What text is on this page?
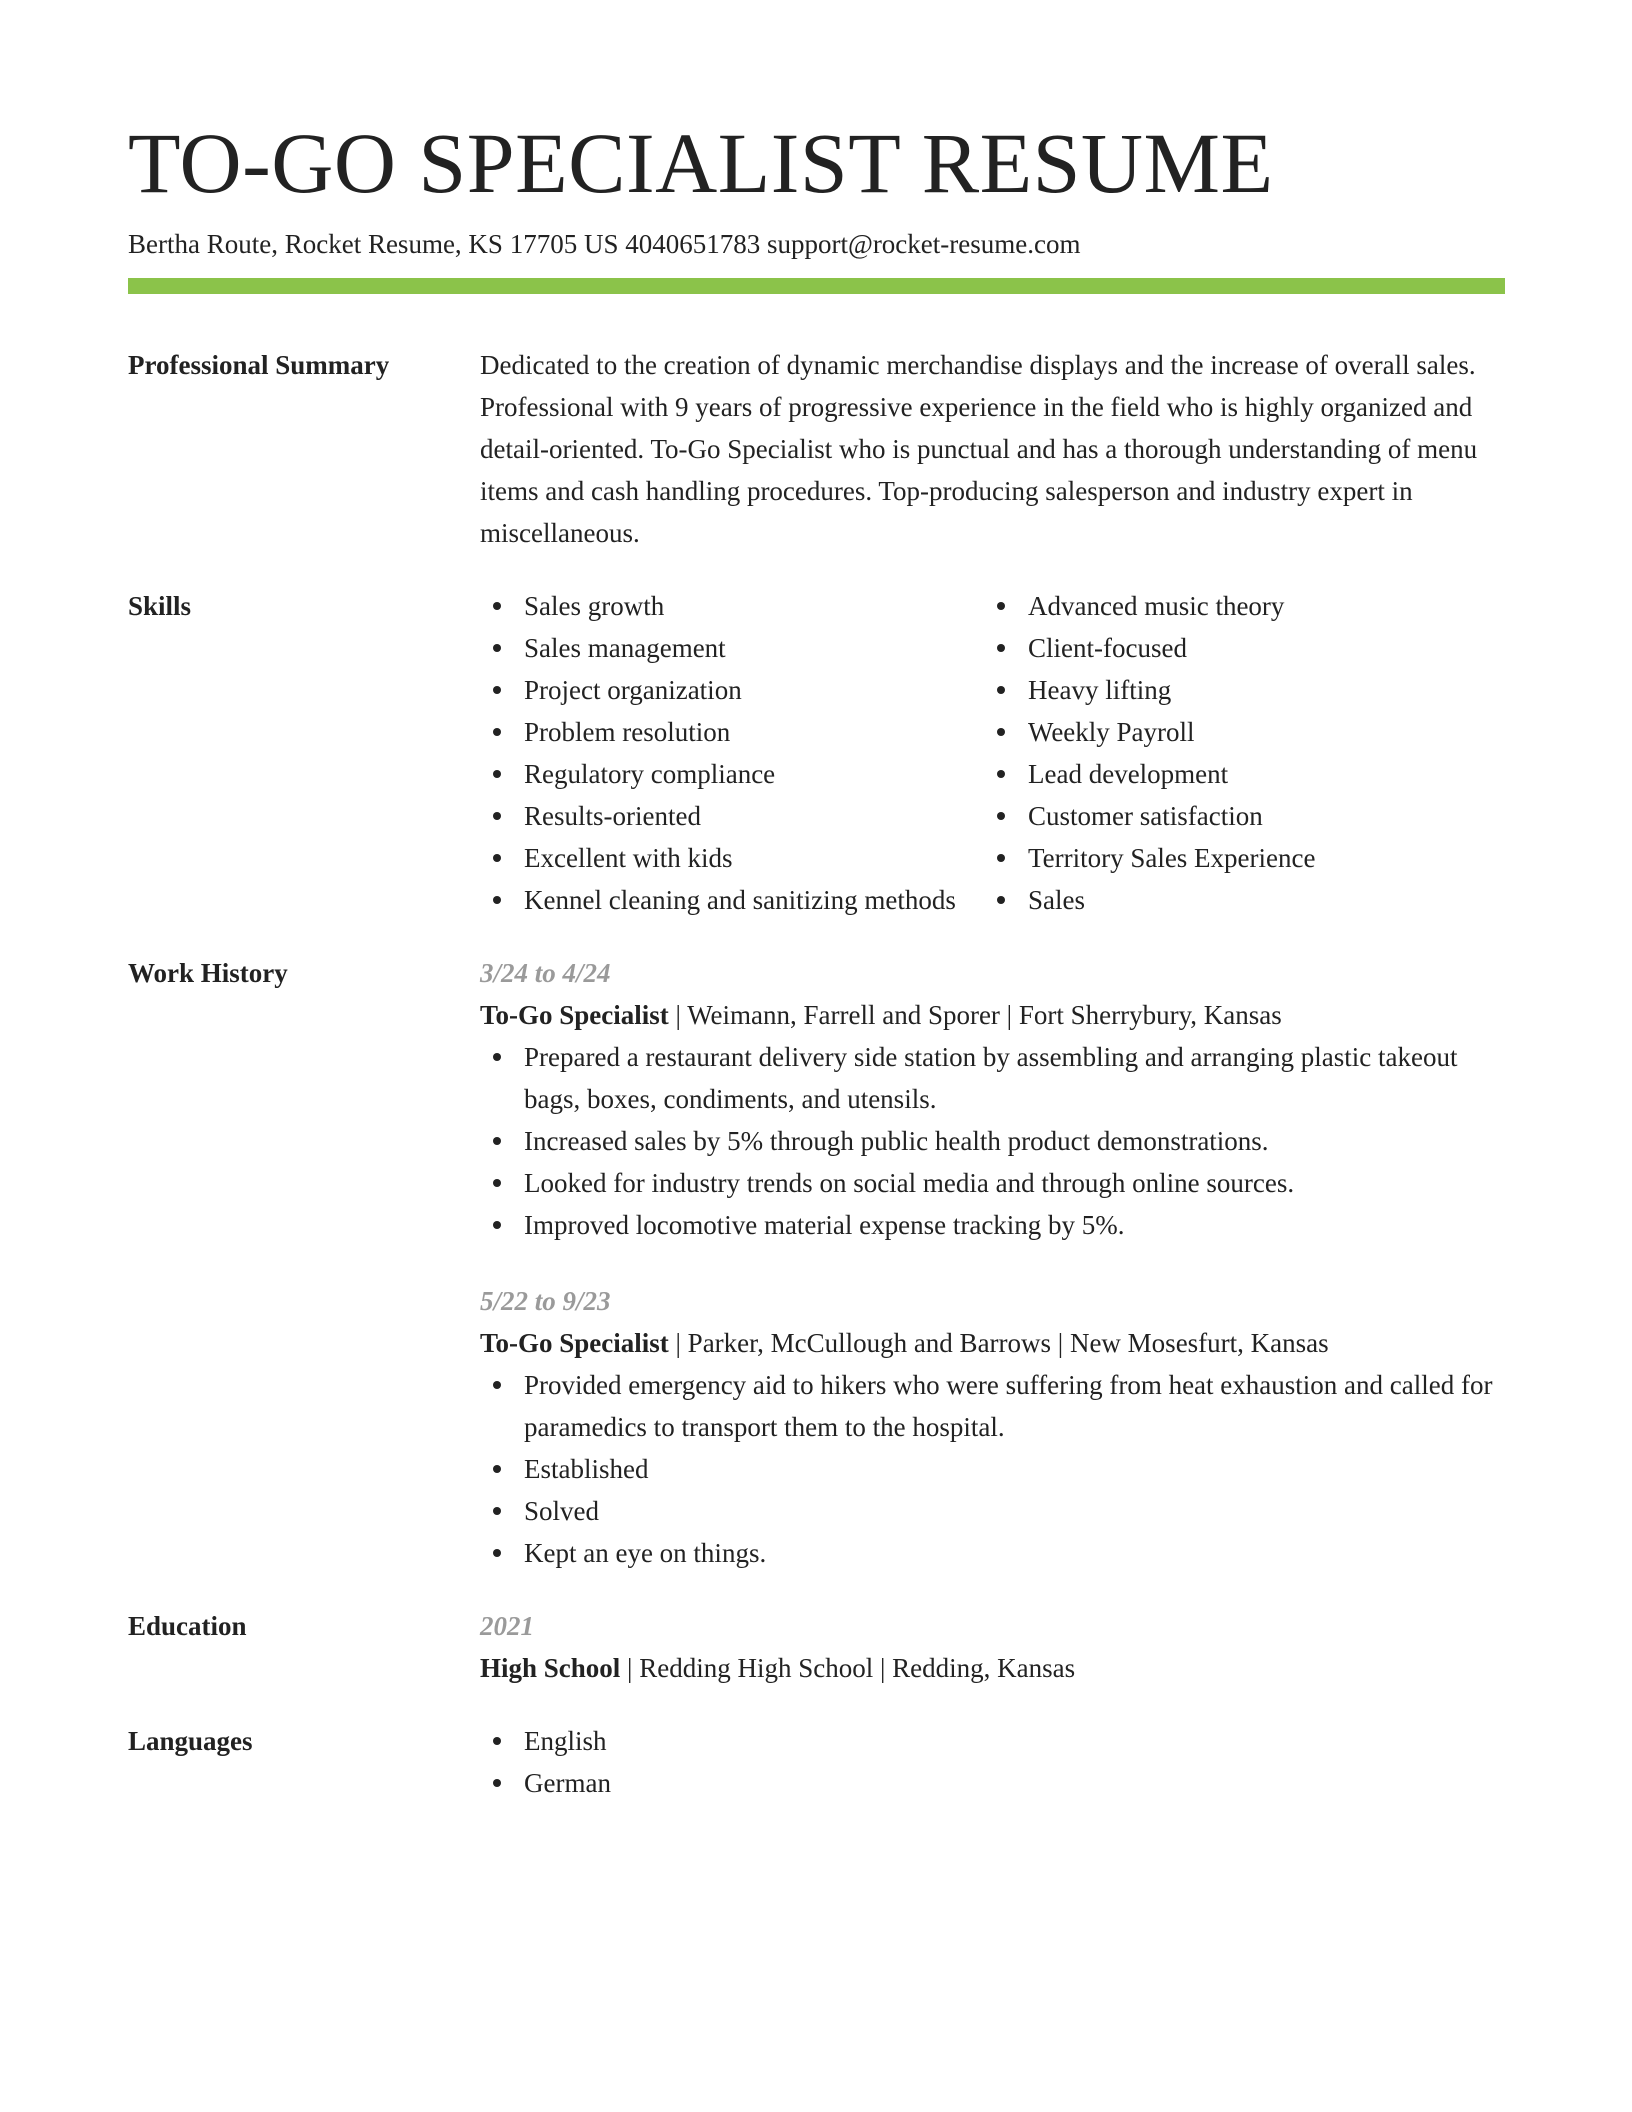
TO-GO SPECIALIST RESUME
Bertha Route, Rocket Resume, KS 17705 US 4040651783 support@rocket-resume.com
Professional Summary	Dedicated to the creation of dynamic merchandise displays and the increase of overall sales. Professional with 9 years of progressive experience in the field who is highly organized and detail-oriented. To-Go Specialist who is punctual and has a thorough understanding of menu items and cash handling procedures. Top-producing salesperson and industry expert in miscellaneous.

Skills	Sales growth
Sales management
Project organization
Problem resolution
Regulatory compliance
Results-oriented
Excellent with kids
Kennel cleaning and sanitizing methods
Advanced music theory
Client-focused
Heavy lifting
Weekly Payroll
Lead development
Customer satisfaction
Territory Sales Experience
Sales
Work History	3/24 to 4/24
To-Go Specialist | Weimann, Farrell and Sporer | Fort Sherrybury, Kansas
Prepared a restaurant delivery side station by assembling and arranging plastic takeout bags, boxes, condiments, and utensils.
Increased sales by 5% through public health product demonstrations.
Looked for industry trends on social media and through online sources.
Improved locomotive material expense tracking by 5%.
5/22 to 9/23
To-Go Specialist | Parker, McCullough and Barrows | New Mosesfurt, Kansas
Provided emergency aid to hikers who were suffering from heat exhaustion and called for paramedics to transport them to the hospital.
Established
Solved
Kept an eye on things.
Education	2021
High School | Redding High School | Redding, Kansas
Languages	English
German
